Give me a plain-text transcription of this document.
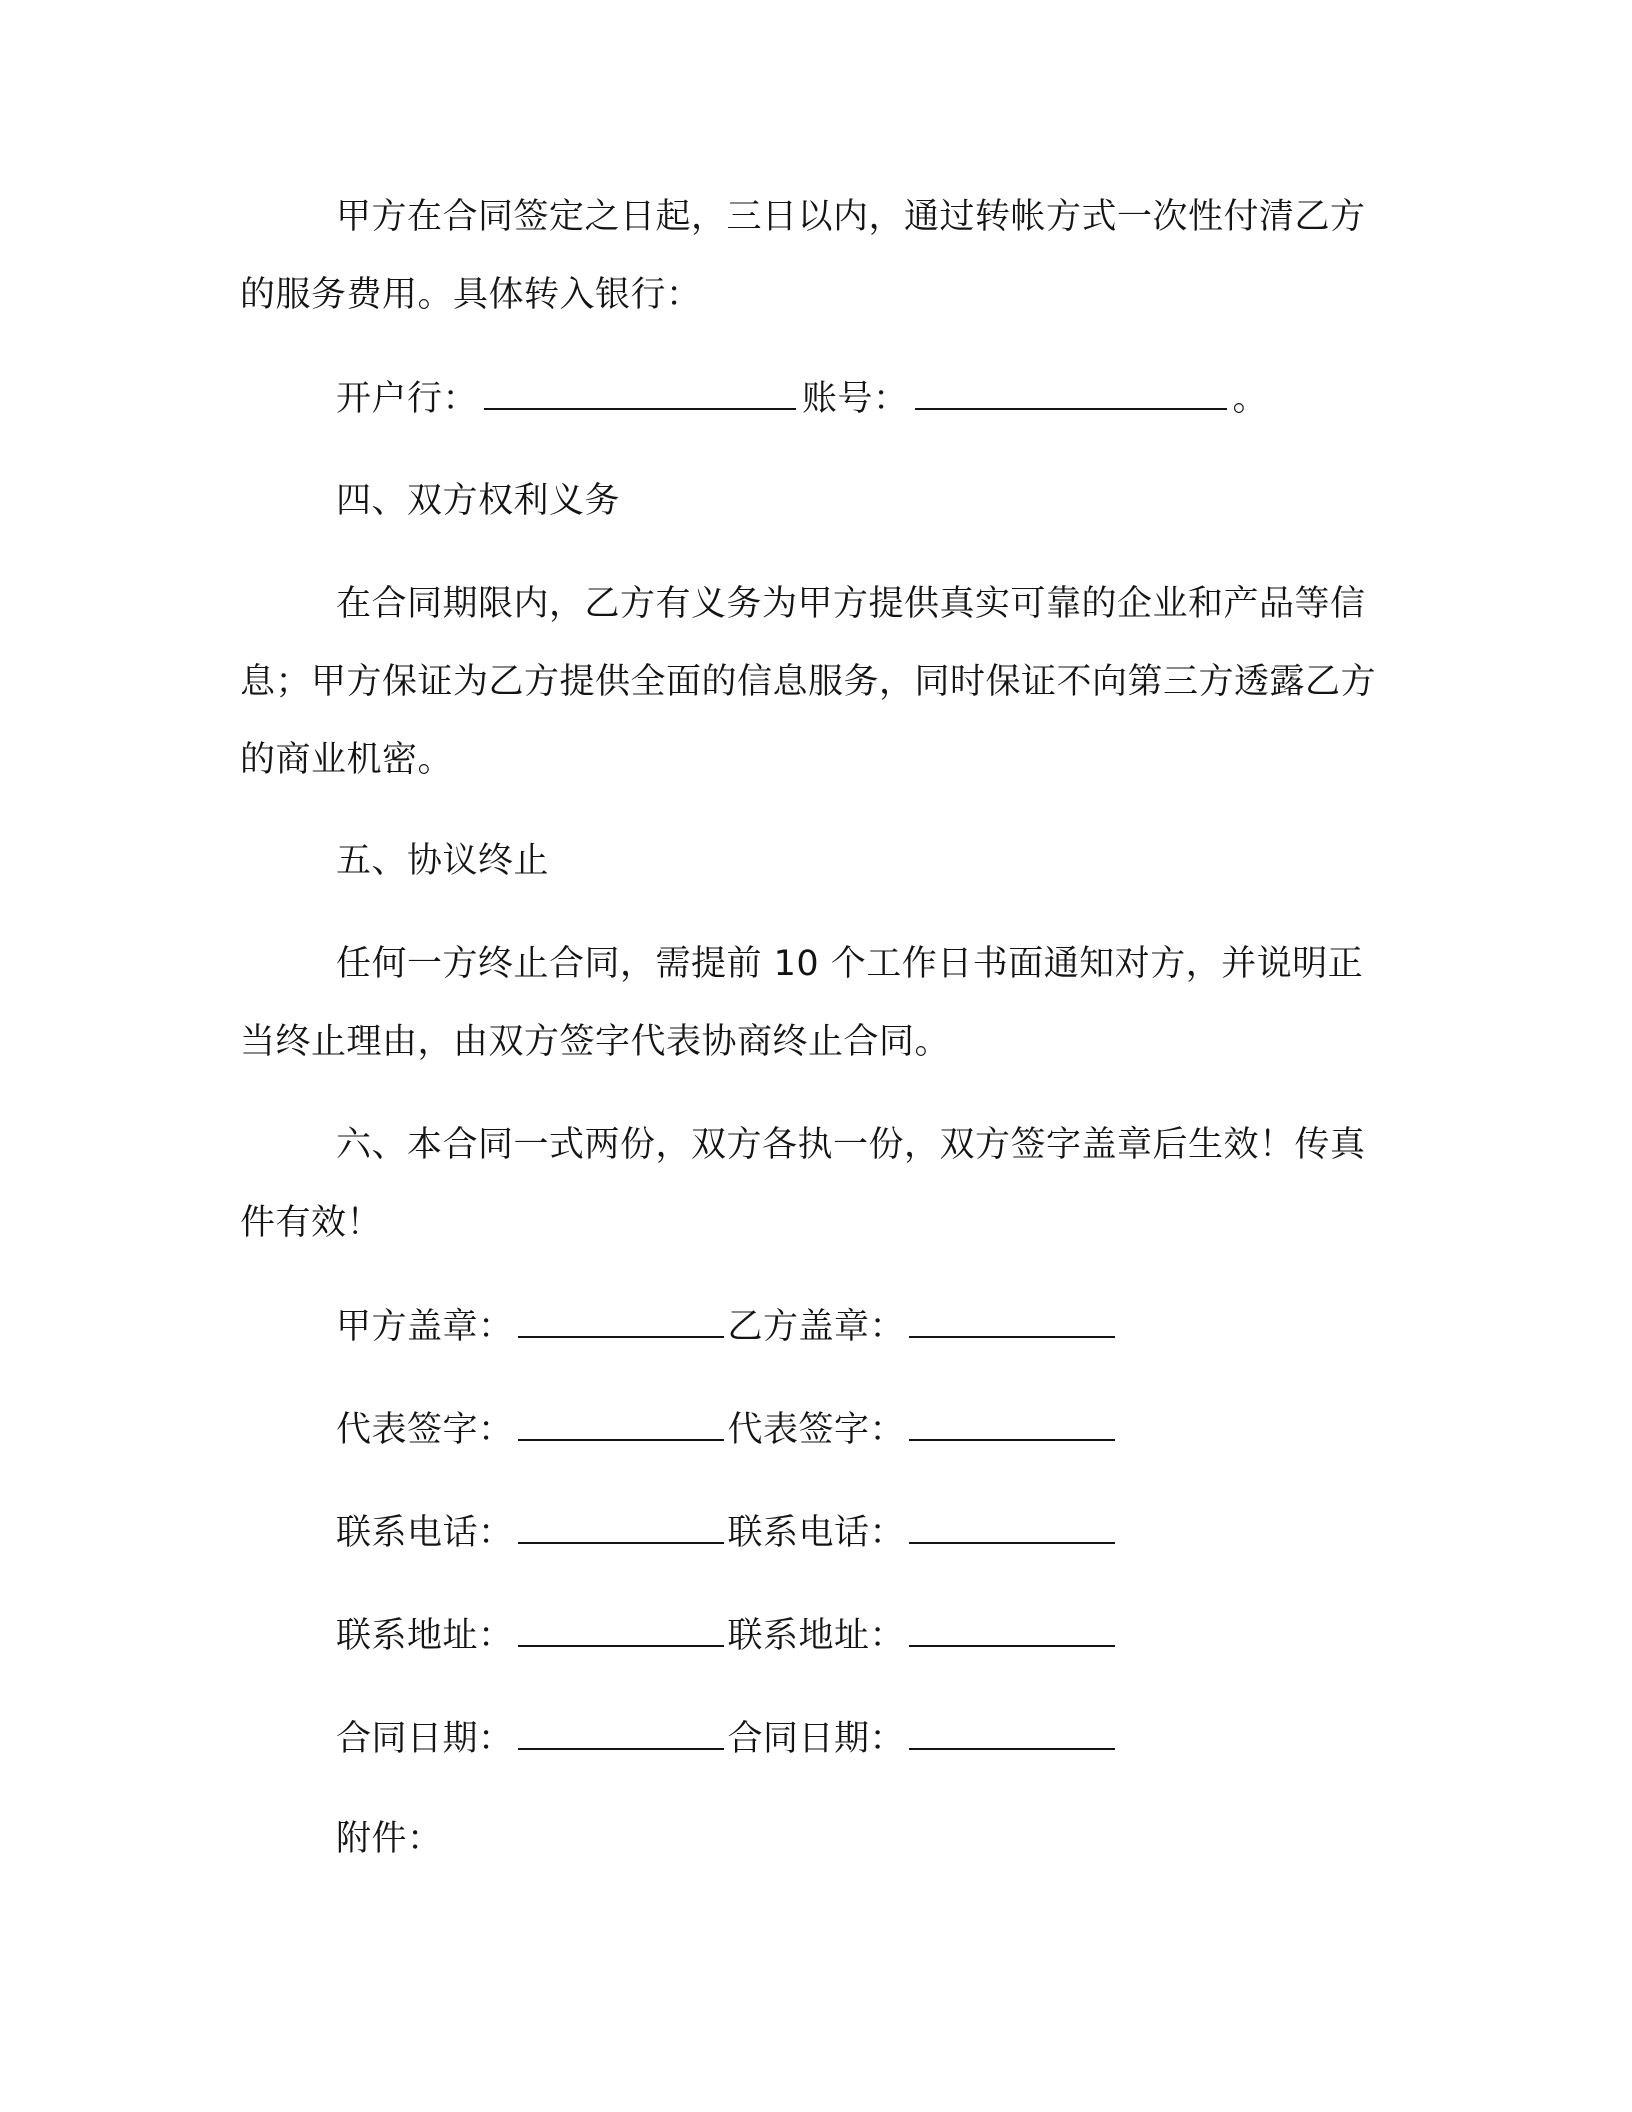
甲方在合同签定之日起，三日以内，通过转帐方式一次性付清乙方的服务费用。具体转入银行：

开户行：	账号：	。

四、双方权利义务

在合同期限内，乙方有义务为甲方提供真实可靠的企业和产品等信息；甲方保证为乙方提供全面的信息服务，同时保证不向第三方透露乙方的商业机密。

五、协议终止

任何一方终止合同，需提前 10 个工作日书面通知对方，并说明正当终止理由，由双方签字代表协商终止合同。

六、本合同一式两份，双方各执一份，双方签字盖章后生效！传真件有效！

甲方盖章：	乙方盖章：

代表签字：	代表签字：

联系电话：	联系电话：

联系地址：	联系地址：

合同日期：	合同日期：

附件：
